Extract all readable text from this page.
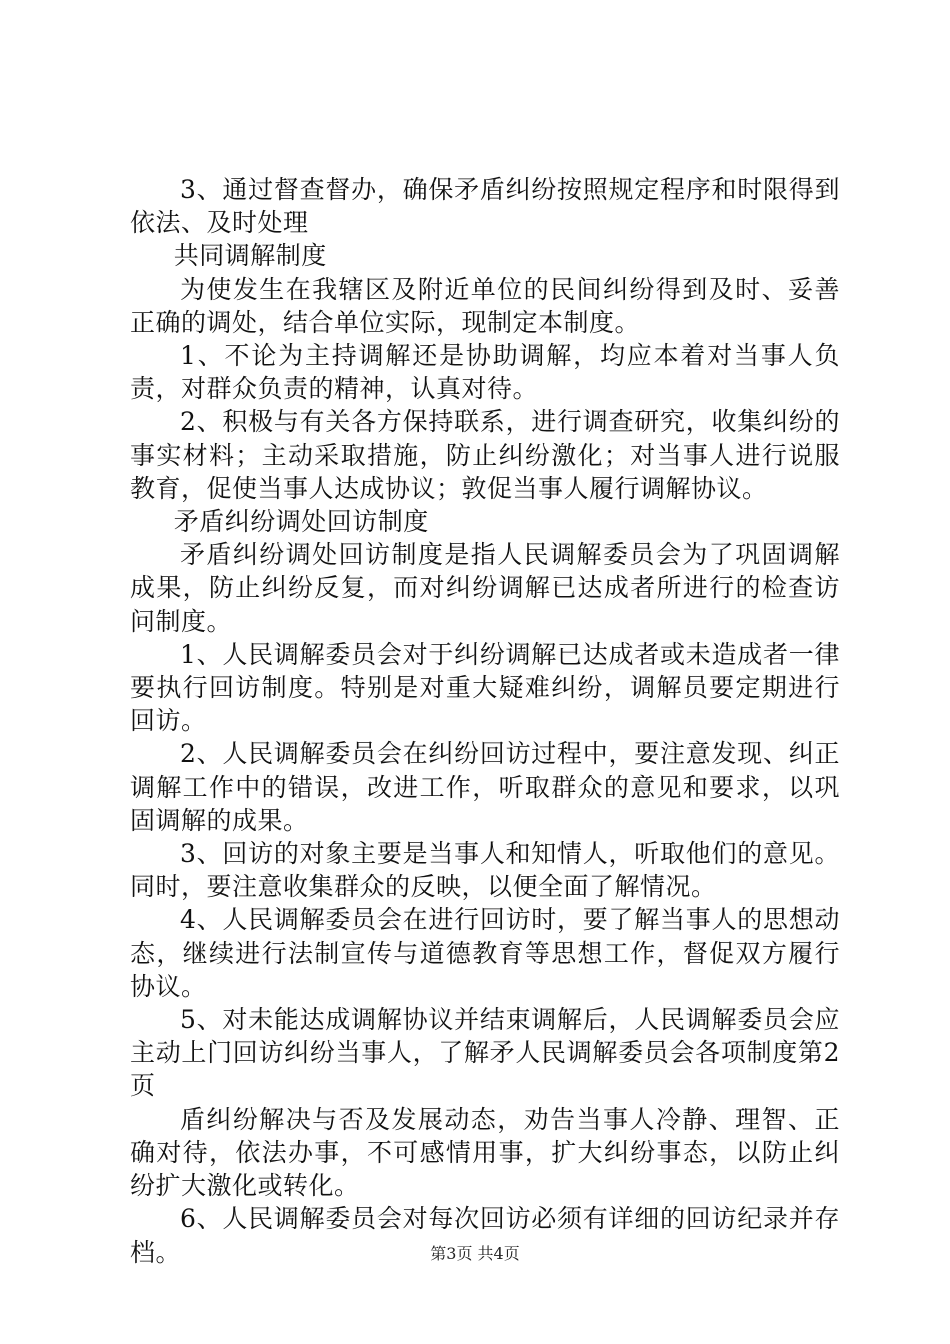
3、通过督查督办，确保矛盾纠纷按照规定程序和时限得到依法、及时处理

共同调解制度

为使发生在我辖区及附近单位的民间纠纷得到及时、妥善正确的调处，结合单位实际，现制定本制度。

1、不论为主持调解还是协助调解，均应本着对当事人负责，对群众负责的精神，认真对待。

2、积极与有关各方保持联系，进行调查研究，收集纠纷的事实材料；主动采取措施，防止纠纷激化；对当事人进行说服教育，促使当事人达成协议；敦促当事人履行调解协议。

矛盾纠纷调处回访制度

矛盾纠纷调处回访制度是指人民调解委员会为了巩固调解成果，防止纠纷反复，而对纠纷调解已达成者所进行的检查访问制度。

1、人民调解委员会对于纠纷调解已达成者或未造成者一律要执行回访制度。特别是对重大疑难纠纷，调解员要定期进行回访。

2、人民调解委员会在纠纷回访过程中，要注意发现、纠正调解工作中的错误，改进工作，听取群众的意见和要求，以巩固调解的成果。

3、回访的对象主要是当事人和知情人，听取他们的意见。同时，要注意收集群众的反映，以便全面了解情况。

4、人民调解委员会在进行回访时，要了解当事人的思想动态，继续进行法制宣传与道德教育等思想工作，督促双方履行协议。

5、对未能达成调解协议并结束调解后，人民调解委员会应主动上门回访纠纷当事人，了解矛人民调解委员会各项制度第2页

盾纠纷解决与否及发展动态，劝告当事人冷静、理智、正确对待，依法办事，不可感情用事，扩大纠纷事态，以防止纠纷扩大激化或转化。

6、人民调解委员会对每次回访必须有详细的回访纪录并存档。	第3页 共4页
